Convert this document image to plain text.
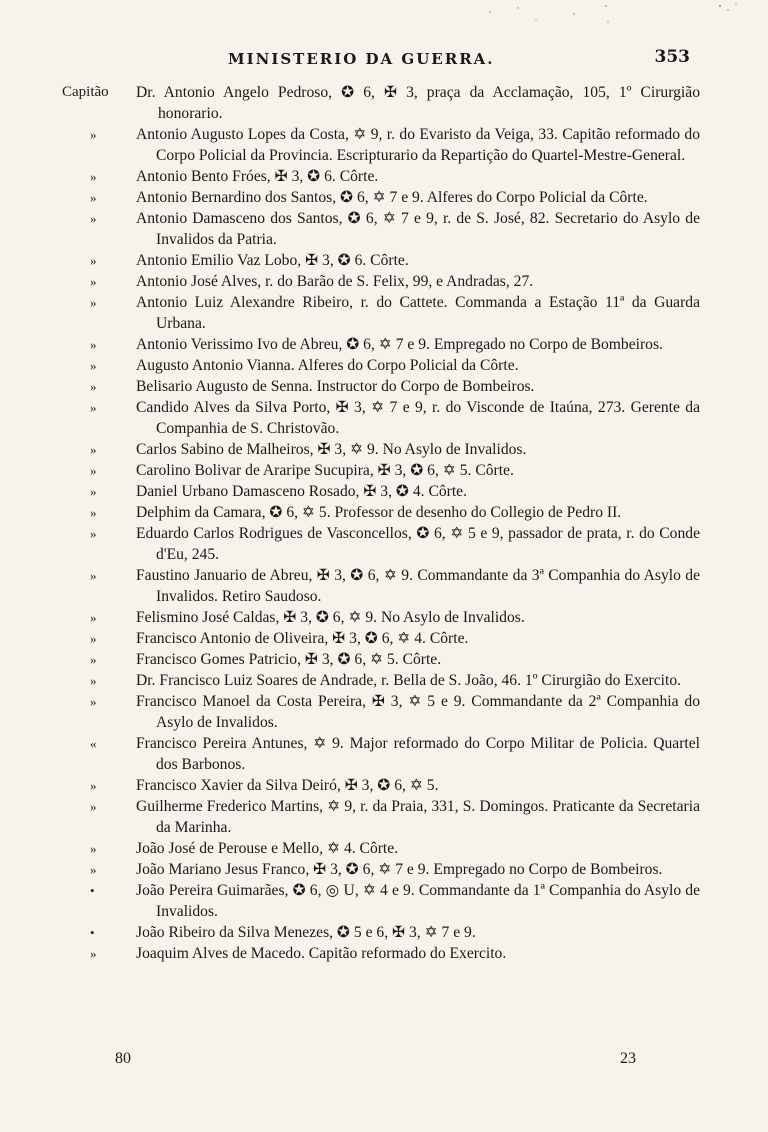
MINISTERIO DA GUERRA.	353
Capitão Dr. Antonio Angelo Pedroso, ✪ 6, ✠ 3, praça da Acclamação, 105, 1º Cirurgião honorario.
»	Antonio Augusto Lopes da Costa, ✡ 9, r. do Evaristo da Veiga, 33. Capitão reformado do Corpo Policial da Provincia. Escripturario da Repartição do Quartel-Mestre-General.
»	Antonio Bento Fróes, ✠ 3, ✪ 6. Côrte.
»	Antonio Bernardino dos Santos, ✪ 6, ✡ 7 e 9. Alferes do Corpo Policial da Côrte.
»	Antonio Damasceno dos Santos, ✪ 6, ✡ 7 e 9, r. de S. José, 82. Secretario do Asylo de Invalidos da Patria.
»	Antonio Emilio Vaz Lobo, ✠ 3, ✪ 6. Côrte.
»	Antonio José Alves, r. do Barão de S. Felix, 99, e Andradas, 27.
»	Antonio Luiz Alexandre Ribeiro, r. do Cattete. Commanda a Estação 11ª da Guarda Urbana.
»	Antonio Verissimo Ivo de Abreu, ✪ 6, ✡ 7 e 9. Empregado no Corpo de Bombeiros.
»	Augusto Antonio Vianna. Alferes do Corpo Policial da Côrte.
»	Belisario Augusto de Senna. Instructor do Corpo de Bombeiros.
»	Candido Alves da Silva Porto, ✠ 3, ✡ 7 e 9, r. do Visconde de Itaúna, 273. Gerente da Companhia de S. Christovão.
»	Carlos Sabino de Malheiros, ✠ 3, ✡ 9. No Asylo de Invalidos.
»	Carolino Bolivar de Araripe Sucupira, ✠ 3, ✪ 6, ✡ 5. Côrte.
»	Daniel Urbano Damasceno Rosado, ✠ 3, ✪ 4. Côrte.
»	Delphim da Camara, ✪ 6, ✡ 5. Professor de desenho do Collegio de Pedro II.
»	Eduardo Carlos Rodrigues de Vasconcellos, ✪ 6, ✡ 5 e 9, passador de prata, r. do Conde d'Eu, 245.
»	Faustino Januario de Abreu, ✠ 3, ✪ 6, ✡ 9. Commandante da 3ª Companhia do Asylo de Invalidos. Retiro Saudoso.
»	Felismino José Caldas, ✠ 3, ✪ 6, ✡ 9. No Asylo de Invalidos.
»	Francisco Antonio de Oliveira, ✠ 3, ✪ 6, ✡ 4. Côrte.
»	Francisco Gomes Patricio, ✠ 3, ✪ 6, ✡ 5. Côrte.
»	Dr. Francisco Luiz Soares de Andrade, r. Bella de S. João, 46. 1º Cirurgião do Exercito.
»	Francisco Manoel da Costa Pereira, ✠ 3, ✡ 5 e 9. Commandante da 2ª Companhia do Asylo de Invalidos.
«	Francisco Pereira Antunes, ✡ 9. Major reformado do Corpo Militar de Policia. Quartel dos Barbonos.
»	Francisco Xavier da Silva Deiró, ✠ 3, ✪ 6, ✡ 5.
»	Guilherme Frederico Martins, ✡ 9, r. da Praia, 331, S. Domingos. Praticante da Secretaria da Marinha.
»	João José de Perouse e Mello, ✡ 4. Côrte.
»	João Mariano Jesus Franco, ✠ 3, ✪ 6, ✡ 7 e 9. Empregado no Corpo de Bombeiros.
•	João Pereira Guimarães, ✪ 6, ◎ U, ✡ 4 e 9. Commandante da 1ª Companhia do Asylo de Invalidos.
•	João Ribeiro da Silva Menezes, ✪ 5 e 6, ✠ 3, ✡ 7 e 9.
»	Joaquim Alves de Macedo. Capitão reformado do Exercito.
80	23
